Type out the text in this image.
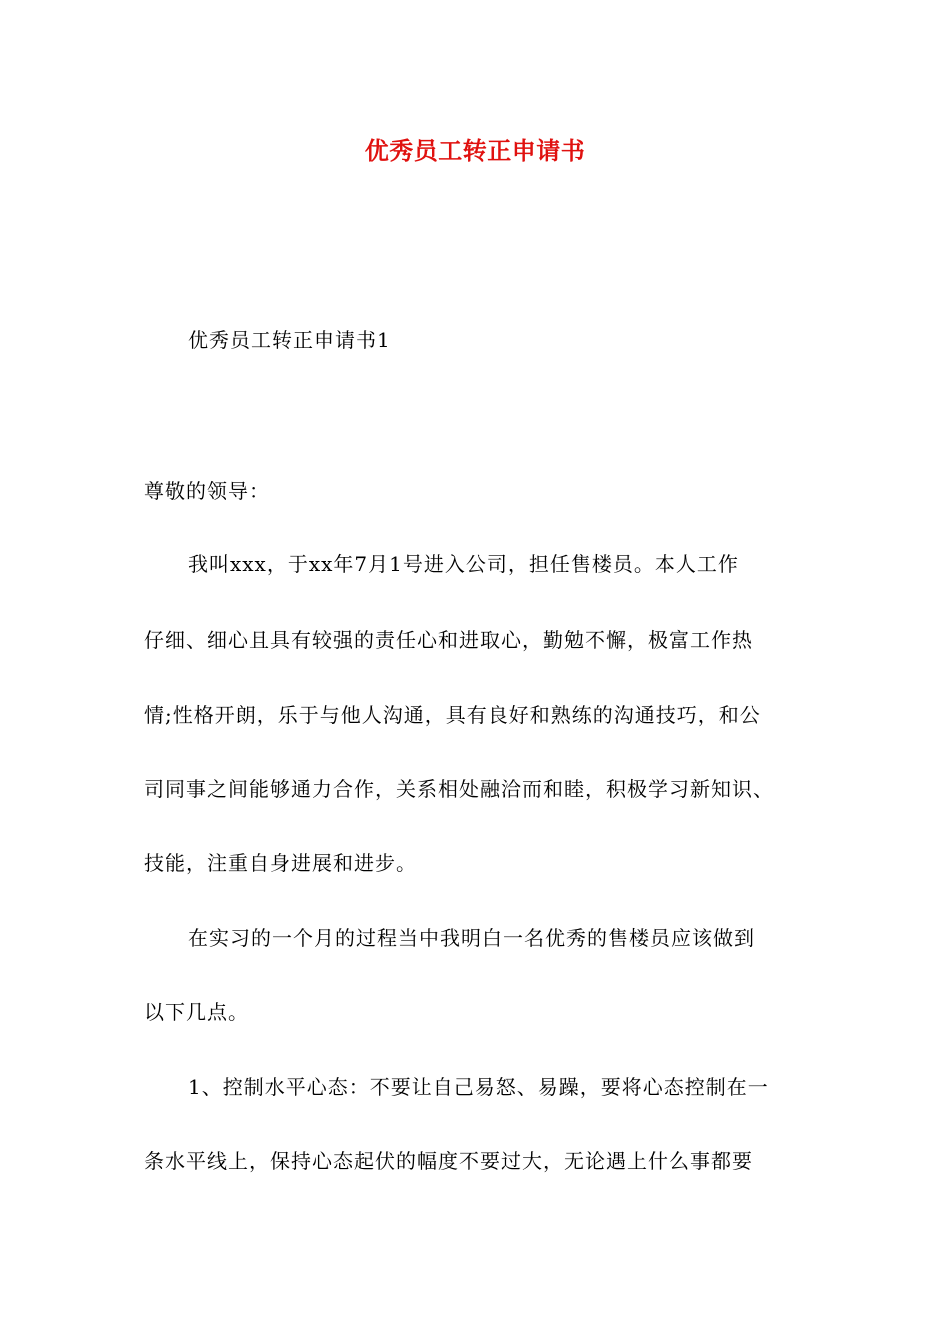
优秀员工转正申请书
优秀员工转正申请书1
尊敬的领导：
我叫xxx，于xx年7月1号进入公司，担任售楼员。本人工作
仔细、细心且具有较强的责任心和进取心，勤勉不懈，极富工作热
情;性格开朗，乐于与他人沟通，具有良好和熟练的沟通技巧，和公
司同事之间能够通力合作，关系相处融洽而和睦，积极学习新知识、
技能，注重自身进展和进步。
在实习的一个月的过程当中我明白一名优秀的售楼员应该做到
以下几点。
1、控制水平心态：不要让自己易怒、易躁，要将心态控制在一
条水平线上，保持心态起伏的幅度不要过大，无论遇上什么事都要
